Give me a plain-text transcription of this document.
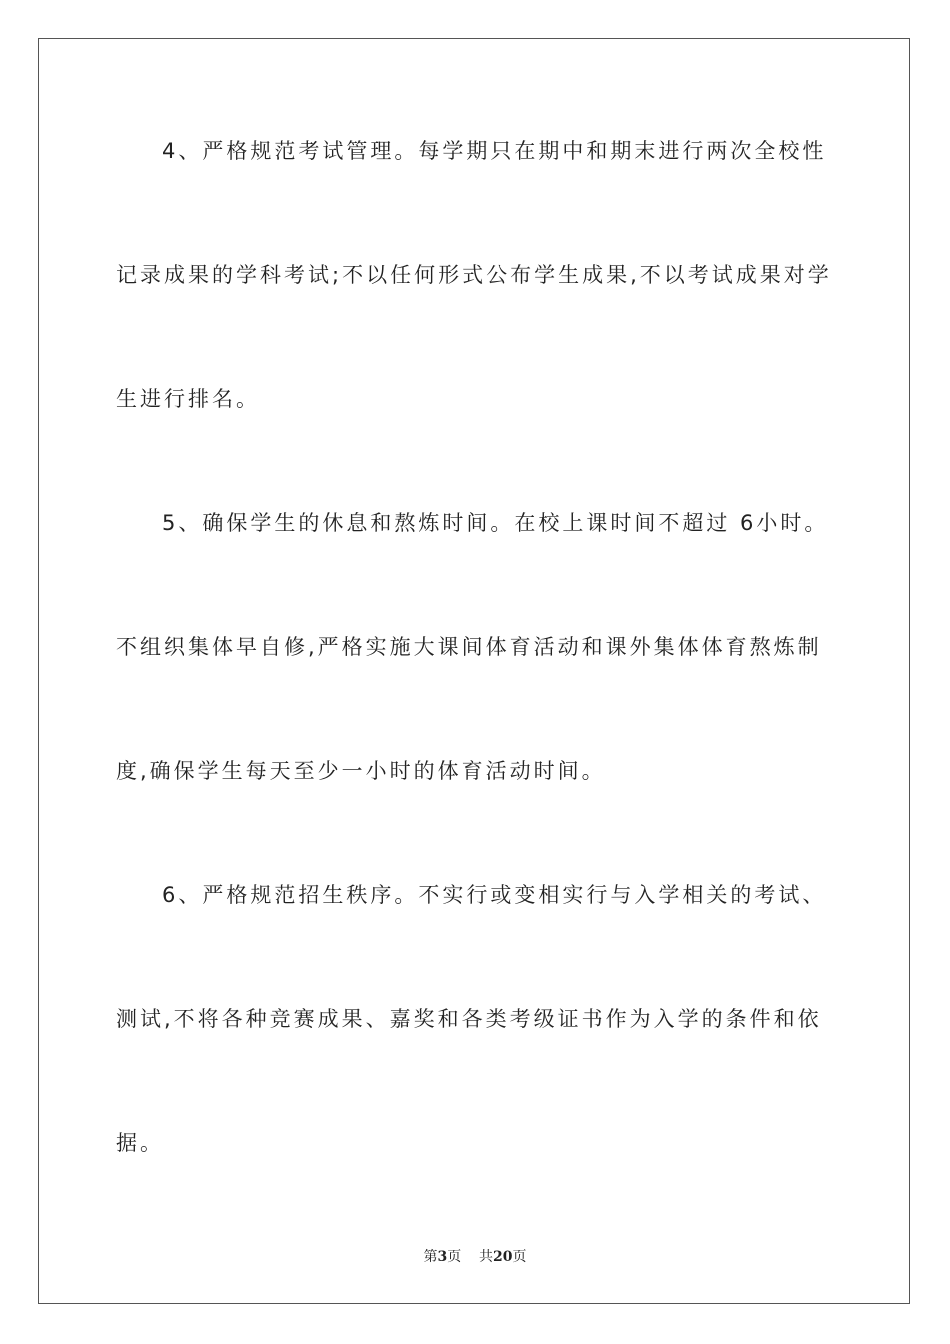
4、严格规范考试管理。每学期只在期中和期末进行两次全校性
记录成果的学科考试;不以任何形式公布学生成果,不以考试成果对学
生进行排名。
5、确保学生的休息和熬炼时间。在校上课时间不超过 6小时。
不组织集体早自修,严格实施大课间体育活动和课外集体体育熬炼制
度,确保学生每天至少一小时的体育活动时间。
6、严格规范招生秩序。不实行或变相实行与入学相关的考试、
测试,不将各种竞赛成果、嘉奖和各类考级证书作为入学的条件和依
据。
第3页 共20页
